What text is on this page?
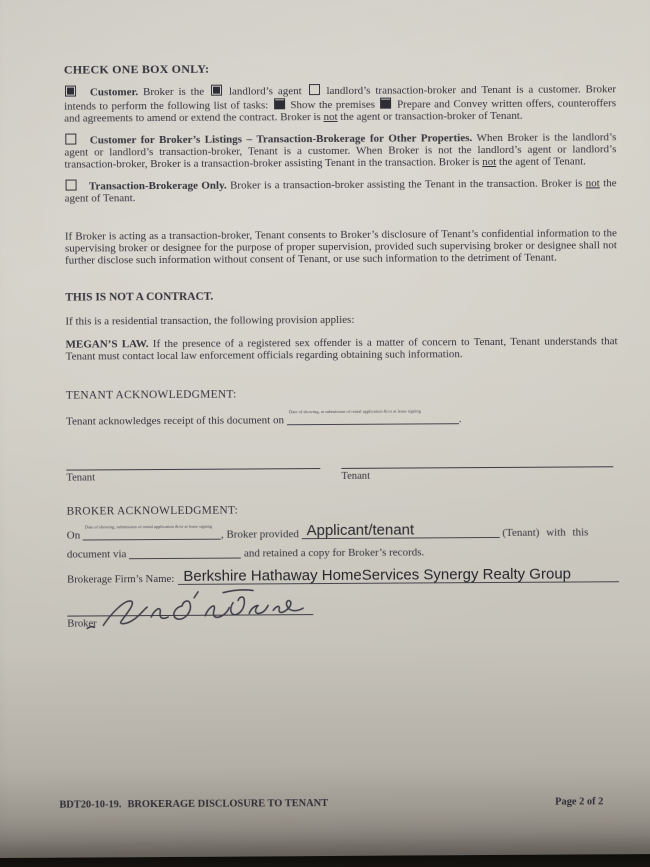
CHECK ONE BOX ONLY:

Customer. Broker is the landlord’s agent landlord’s transaction-broker and Tenant is a customer. Broker intends to perform the following list of tasks: Show the premises Prepare and Convey written offers, counteroffers and agreements to amend or extend the contract. Broker is not the agent or transaction-broker of Tenant.

Customer for Broker’s Listings – Transaction-Brokerage for Other Properties. When Broker is the landlord’s agent or landlord’s transaction-broker, Tenant is a customer. When Broker is not the landlord’s agent or landlord’s transaction-broker, Broker is a transaction-broker assisting Tenant in the transaction. Broker is not the agent of Tenant.

Transaction-Brokerage Only. Broker is a transaction-broker assisting the Tenant in the transaction. Broker is not the agent of Tenant.

If Broker is acting as a transaction-broker, Tenant consents to Broker’s disclosure of Tenant’s confidential information to the supervising broker or designee for the purpose of proper supervision, provided such supervising broker or designee shall not further disclose such information without consent of Tenant, or use such information to the detriment of Tenant.

THIS IS NOT A CONTRACT.

If this is a residential transaction, the following provision applies:

MEGAN’S LAW. If the presence of a registered sex offender is a matter of concern to Tenant, Tenant understands that Tenant must contact local law enforcement officials regarding obtaining such information.

TENANT ACKNOWLEDGMENT:

Tenant acknowledges receipt of this document on
Date of showing, at submission of rental application &/or at lease signing
.

Tenant	Tenant
BROKER ACKNOWLEDGMENT:

On
Date of showing, submission of rental application &/or at lease signing
, Broker provided Applicant/tenant	(Tenant) with this

document via	and retained a copy for Broker’s records.

Brokerage Firm’s Name: Berkshire Hathaway HomeServices Synergy Realty Group

Broker
BDT20-10-19. BROKERAGE DISCLOSURE TO TENANT	Page 2 of 2
